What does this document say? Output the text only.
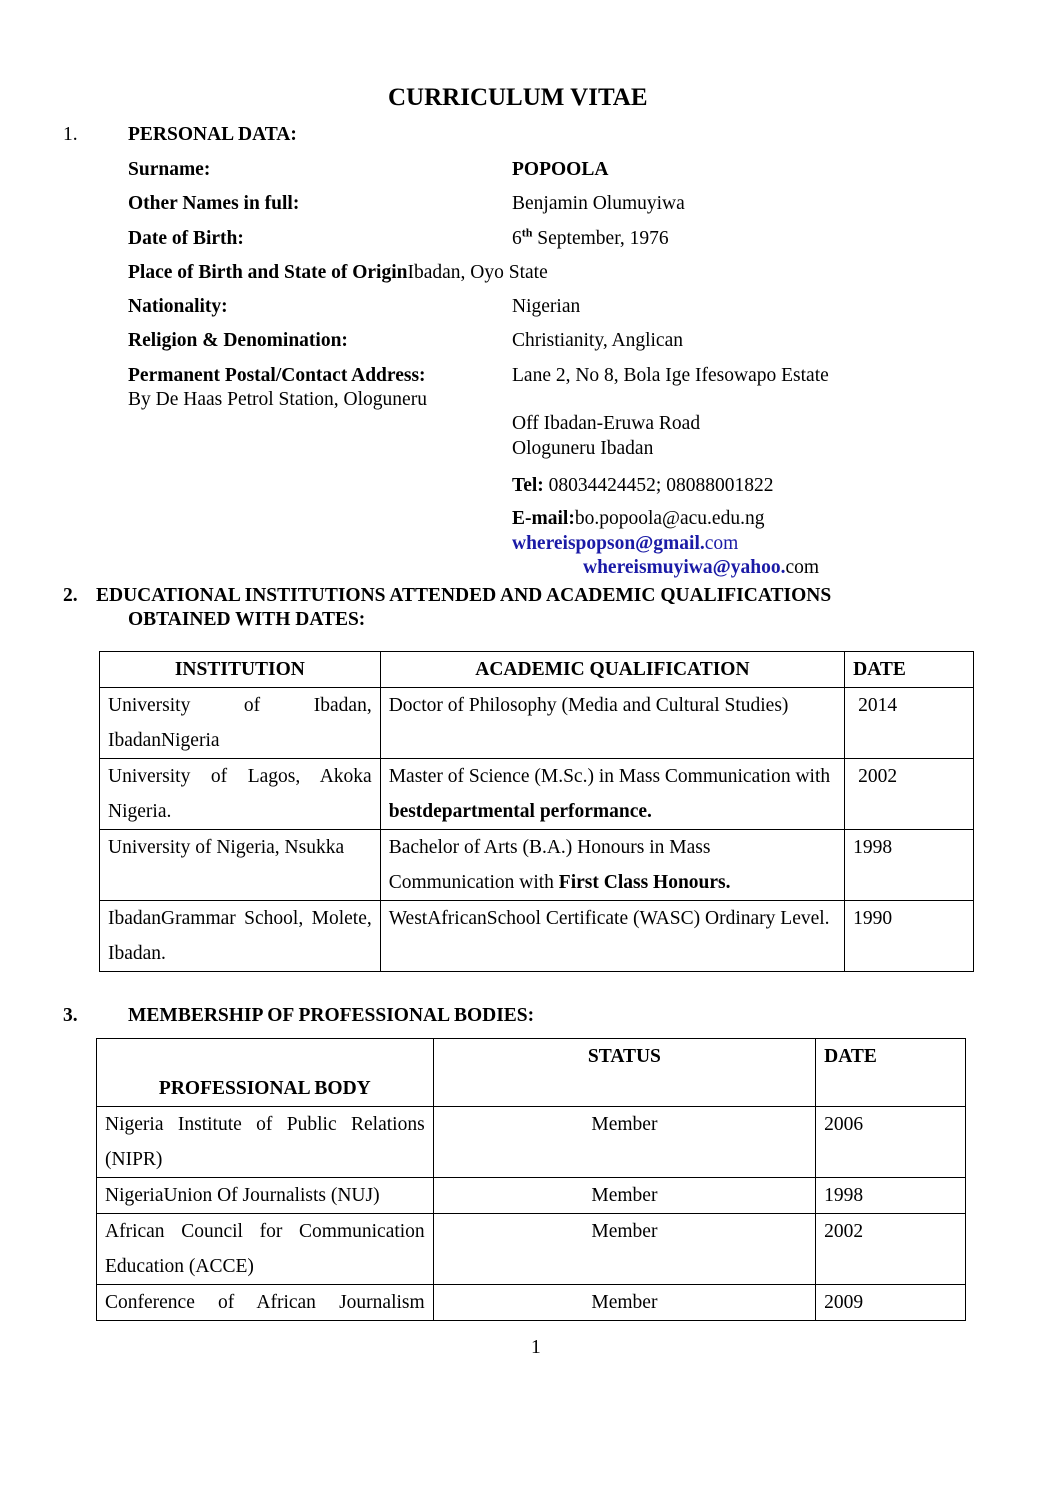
CURRICULUM VITAE
1.	PERSONAL DATA:
Surname:	POPOOLA
Other Names in full:	Benjamin Olumuyiwa
Date of Birth:	6th September, 1976
Place of Birth and State of OriginIbadan, Oyo State
Nationality:	Nigerian
Religion & Denomination:	Christianity, Anglican
Permanent Postal/Contact Address:	Lane 2, No 8, Bola Ige Ifesowapo Estate
By De Haas Petrol Station, Ologuneru
Off Ibadan-Eruwa Road
Ologuneru Ibadan
Tel: 08034424452; 08088001822
E-mail:bo.popoola@acu.edu.ng
whereispopson@gmail.com
whereismuyiwa@yahoo.com
2. EDUCATIONAL INSTITUTIONS ATTENDED AND ACADEMIC QUALIFICATIONS
OBTAINED WITH DATES:
INSTITUTION	ACADEMIC QUALIFICATION	DATE
University of Ibadan, IbadanNigeria	Doctor of Philosophy (Media and Cultural Studies)	2014
University of Lagos, Akoka Nigeria.	Master of Science (M.Sc.) in Mass Communication with bestdepartmental performance.	2002
University of Nigeria, Nsukka	Bachelor of Arts (B.A.) Honours in Mass Communication with First Class Honours.	1998
IbadanGrammar School, Molete, Ibadan.	WestAfricanSchool Certificate (WASC) Ordinary Level.	1990
3.	MEMBERSHIP OF PROFESSIONAL BODIES:
PROFESSIONAL BODY	STATUS	DATE
Nigeria Institute of Public Relations (NIPR)	Member	2006
NigeriaUnion Of Journalists (NUJ)	Member	1998
African Council for Communication Education (ACCE)	Member	2002
Conference of African Journalism	Member	2009
1
